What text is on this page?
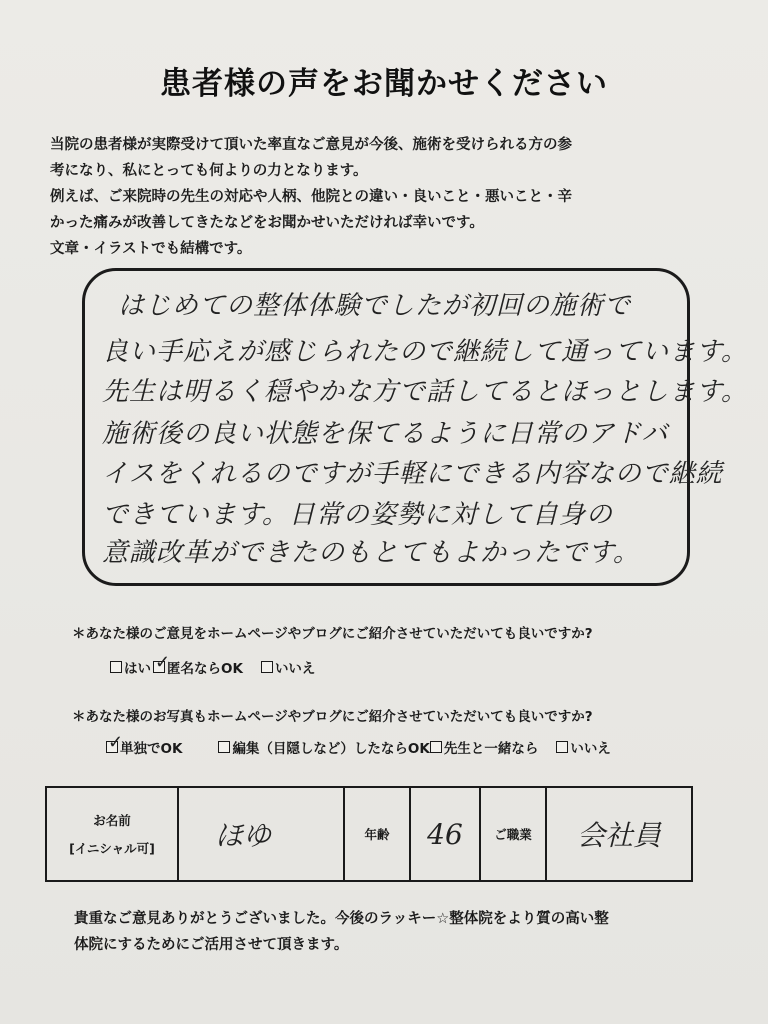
患者様の声をお聞かせください

当院の患者様が実際受けて頂いた率直なご意見が今後、施術を受けられる方の参

考になり、私にとっても何よりの力となります。

例えば、ご来院時の先生の対応や人柄、他院との違い・良いこと・悪いこと・辛

かった痛みが改善してきたなどをお聞かせいただければ幸いです。

文章・イラストでも結構です。

はじめての整体体験でしたが初回の施術で
良い手応えが感じられたので継続して通っています。
先生は明るく穏やかな方で話してるとほっとします。
施術後の良い状態を保てるように日常のアドバ
イスをくれるのですが手軽にできる内容なので継続
できています。日常の姿勢に対して自身の
意識改革ができたのもとてもよかったです。
＊あなた様のご意見をホームページやブログにご紹介させていただいても良いですか?
はい ✓
匿名ならOK いいえ
＊あなた様のお写真もホームページやブログにご紹介させていただいても良いですか?
✓
単独でOK	編集（目隠しなど）したならOK 先生と一緒なら いいえ
お名前
[イニシャル可]	ほゆ	年齢	46	ご職業	会社員

貴重なご意見ありがとうございました。今後のラッキー☆整体院をより質の高い整

体院にするためにご活用させて頂きます。
